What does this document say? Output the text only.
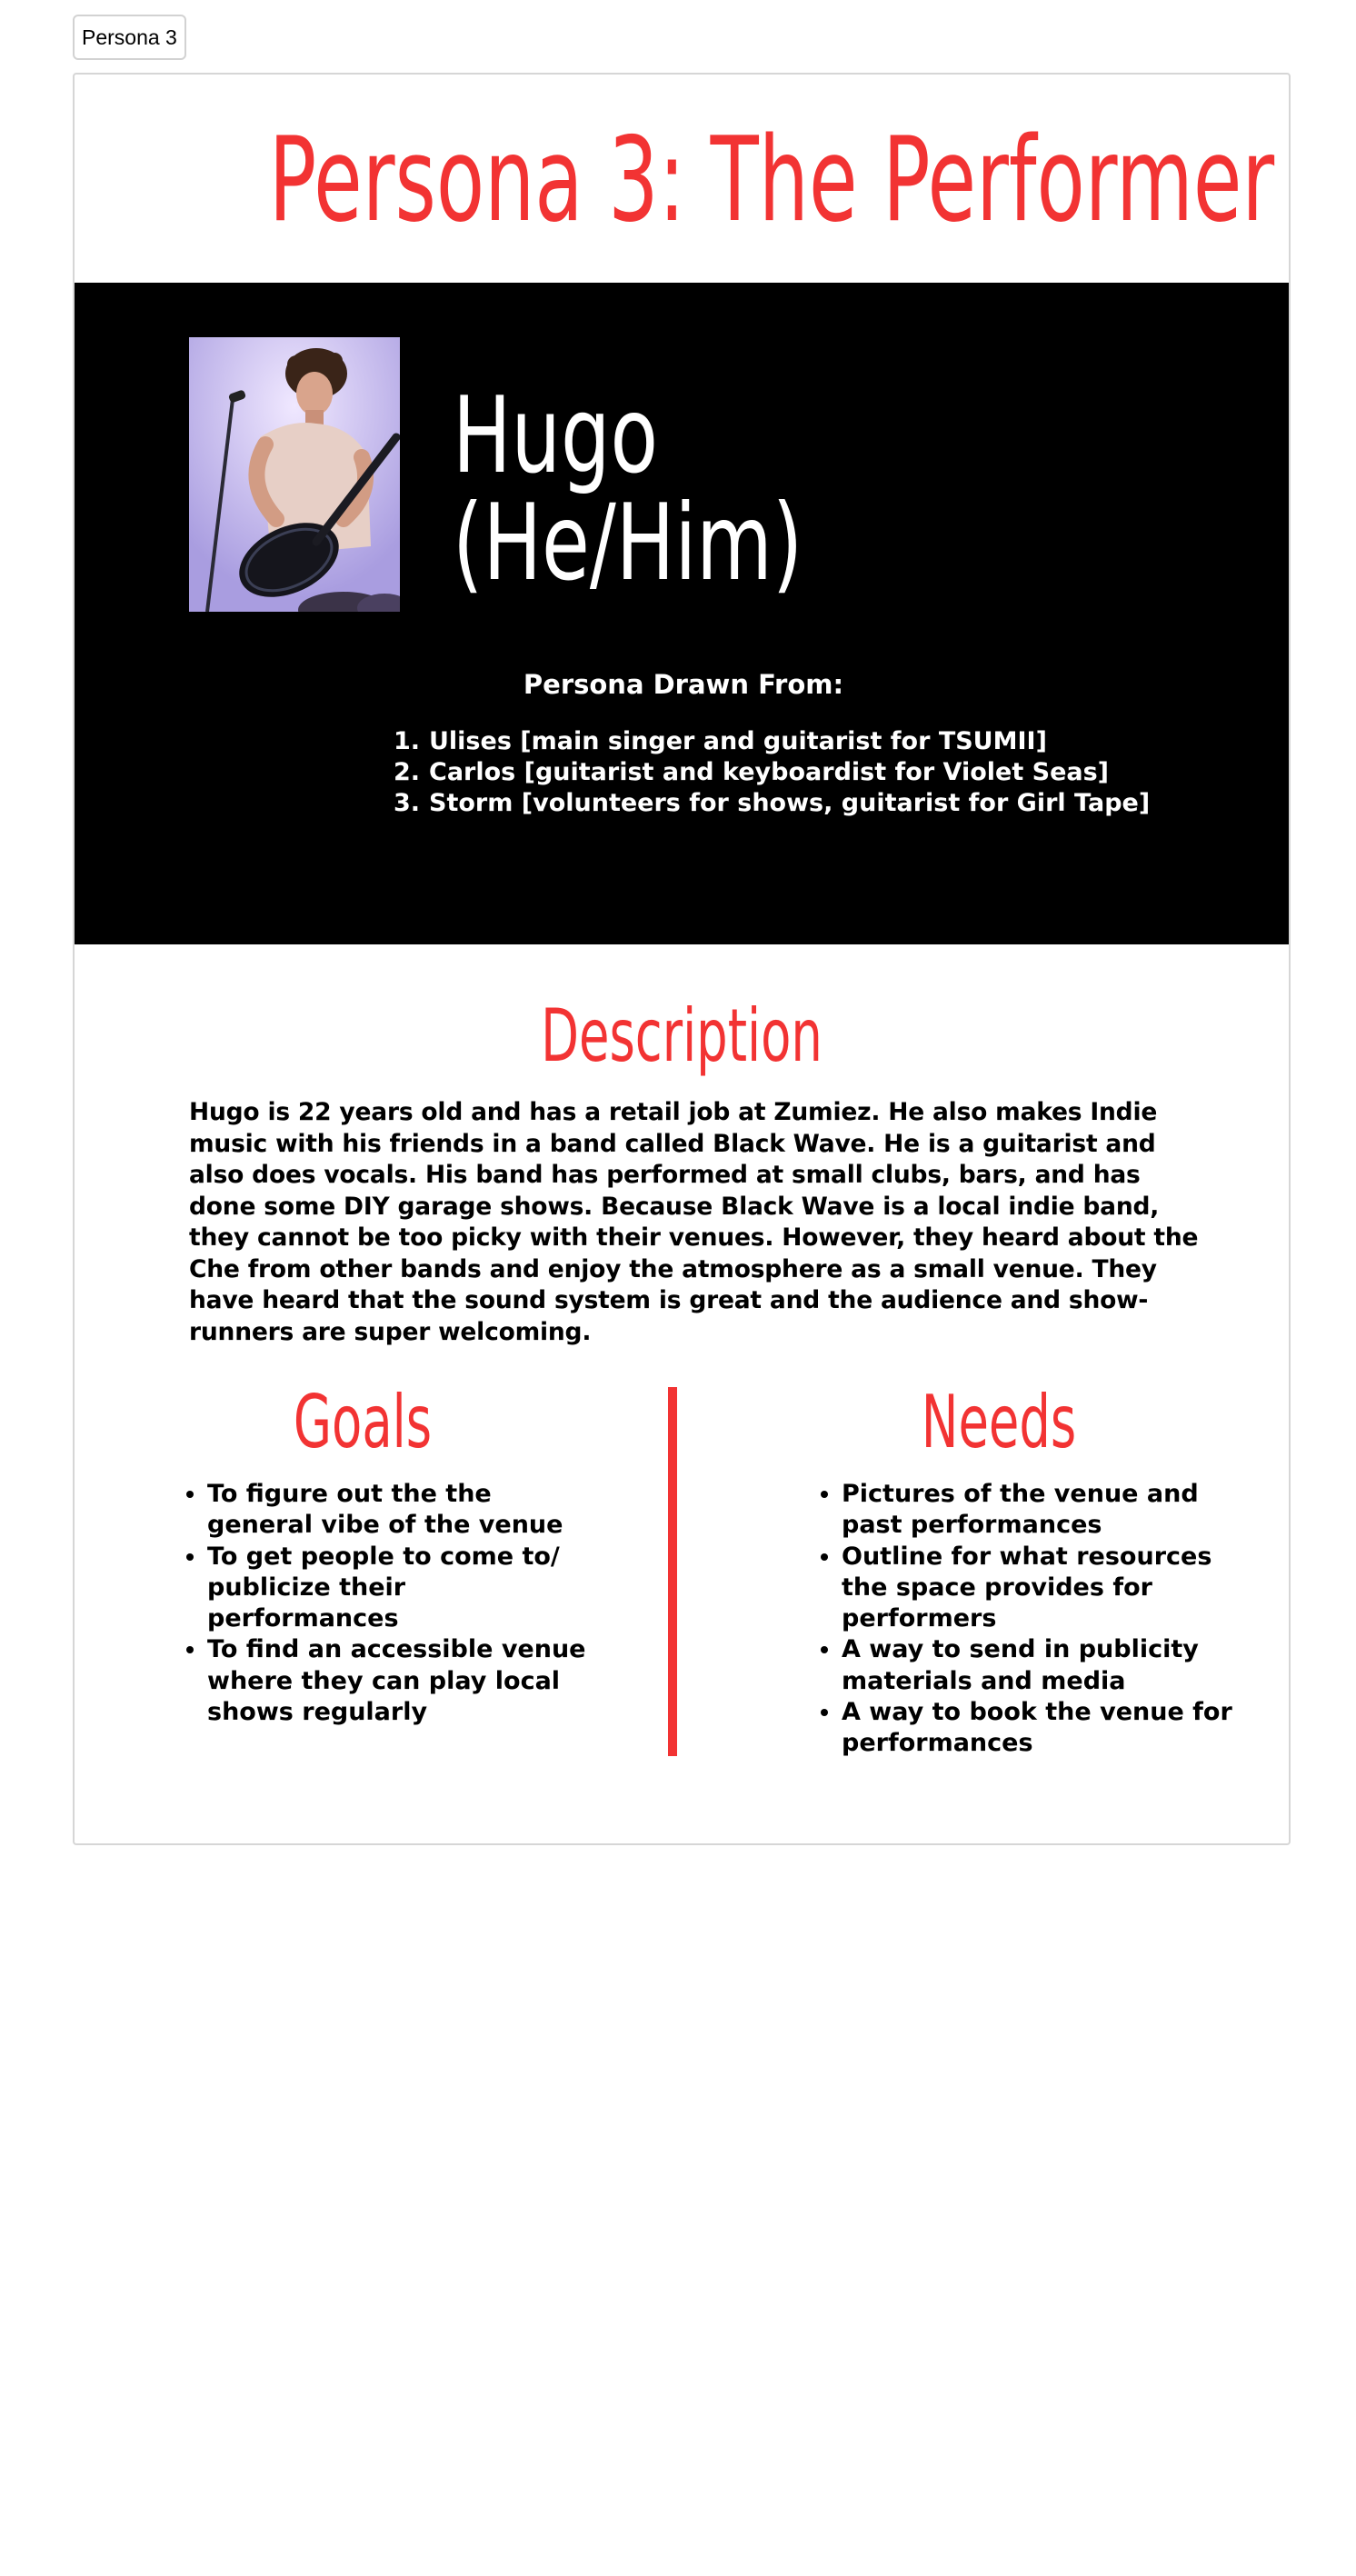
Persona 3
Persona 3: The Performer
Hugo
(He/Him)
Persona Drawn From:
1. Ulises [main singer and guitarist for TSUMII]
2. Carlos [guitarist and keyboardist for Violet Seas]
3. Storm [volunteers for shows, guitarist for Girl Tape]
Description
Hugo is 22 years old and has a retail job at Zumiez. He also makes Indie music with his friends in a band called Black Wave. He is a guitarist and also does vocals. His band has performed at small clubs, bars, and has done some DIY garage shows. Because Black Wave is a local indie band, they cannot be too picky with their venues. However, they heard about the Che from other bands and enjoy the atmosphere as a small venue. They have heard that the sound system is great and the audience and show-runners are super welcoming.
Goals	Needs
• To figure out the the general vibe of the venue
• To get people to come to/ publicize their performances
• To find an accessible venue where they can play local shows regularly
• Pictures of the venue and past performances
• Outline for what resources the space provides for performers
• A way to send in publicity materials and media
• A way to book the venue for performances
